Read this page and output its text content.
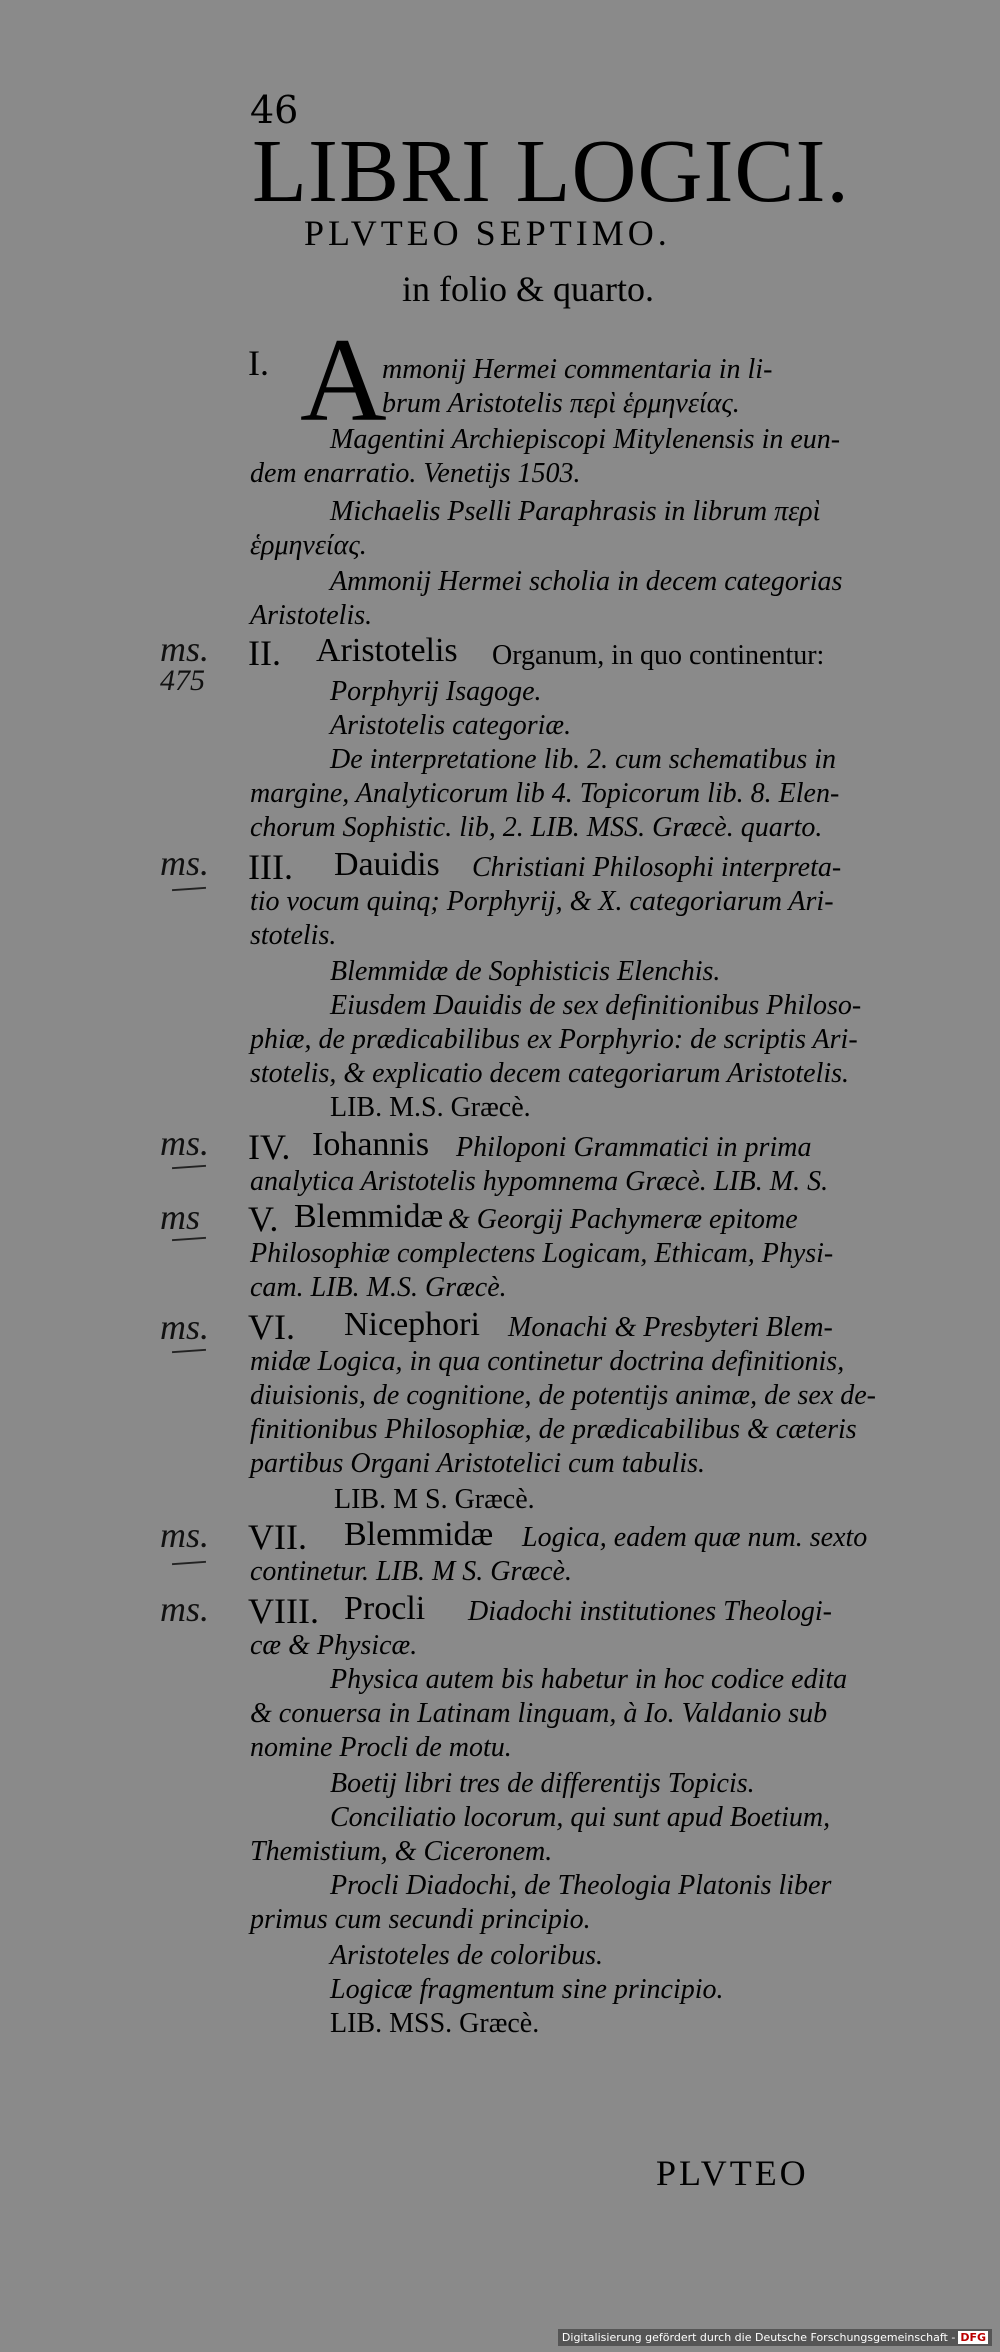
46
LIBRI LOGICI.
PLVTEO SEPTIMO.
in folio & quarto.
I. A
mmonij Hermei commentaria in li-
brum Aristotelis περὶ ἑρμηνείας.
Magentini Archiepiscopi Mitylenensis in eun-
dem enarratio. Venetijs 1503.
Michaelis Pselli Paraphrasis in librum περὶ
ἑρμηνείας.
Ammonij Hermei scholia in decem categorias
Aristotelis.
ms.
475
II. Aristotelis Organum, in quo continentur:
Porphyrij Isagoge.
Aristotelis categoriæ.
De interpretatione lib. 2. cum schematibus in
margine, Analyticorum lib 4. Topicorum lib. 8. Elen-
chorum Sophistic. lib, 2. LIB. MSS. Græcè. quarto.
ms. III. Dauidis Christiani Philosophi interpreta-
tio vocum quinq; Porphyrij, & X. categoriarum Ari-
stotelis.
Blemmidæ de Sophisticis Elenchis.
Eiusdem Dauidis de sex definitionibus Philoso-
phiæ, de prædicabilibus ex Porphyrio: de scriptis Ari-
stotelis, & explicatio decem categoriarum Aristotelis.
LIB. M.S. Græcè.
ms. IV. Iohannis Philoponi Grammatici in prima
analytica Aristotelis hypomnema Græcè. LIB. M. S.
ms V. Blemmidæ & Georgij Pachymeræ epitome
Philosophiæ complectens Logicam, Ethicam, Physi-
cam. LIB. M.S. Græcè.
ms. VI. Nicephori Monachi & Presbyteri Blem-
midæ Logica, in qua continetur doctrina definitionis,
diuisionis, de cognitione, de potentijs animæ, de sex de-
finitionibus Philosophiæ, de prædicabilibus & cæteris
partibus Organi Aristotelici cum tabulis.
LIB. M S. Græcè.
ms. VII. Blemmidæ Logica, eadem quæ num. sexto
continetur. LIB. M S. Græcè.
ms. VIII. Procli Diadochi institutiones Theologi-
cæ & Physicæ.
Physica autem bis habetur in hoc codice edita
& conuersa in Latinam linguam, à Io. Valdanio sub
nomine Procli de motu.
Boetij libri tres de differentijs Topicis.
Conciliatio locorum, qui sunt apud Boetium,
Themistium, & Ciceronem.
Procli Diadochi, de Theologia Platonis liber
primus cum secundi principio.
Aristoteles de coloribus.
Logicæ fragmentum sine principio.
LIB. MSS. Græcè.
PLVTEO
Digitalisierung gefördert durch die Deutsche Forschungsgemeinschaft - DFG
